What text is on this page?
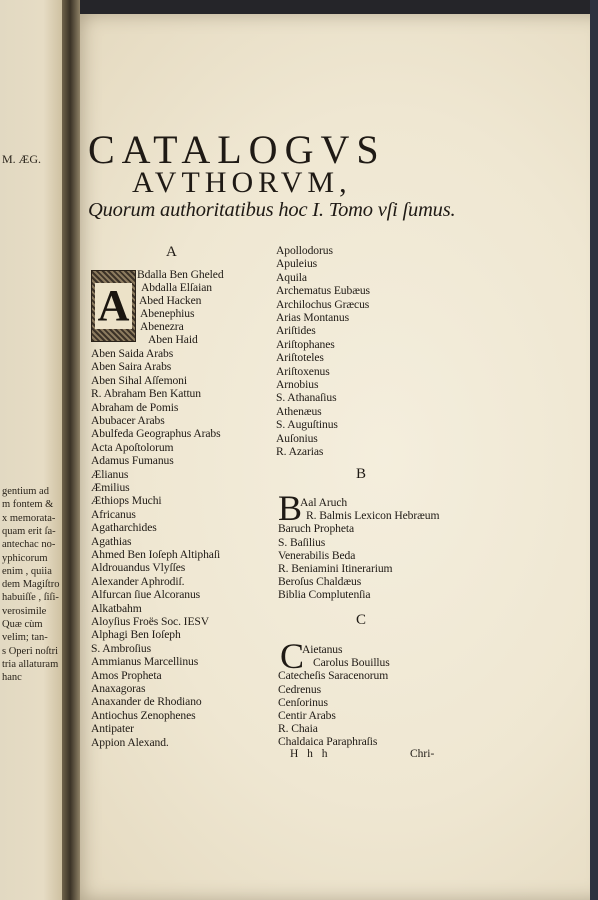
M. ÆG.
gentium ad
m fontem &
x memorata-
quam erit ſa-
antechac no-
yphicorum
enim , quiia
dem Magiſtro
habuiſſe , ſiſi-
verosimile
Quæ cùm
velim; tan-
s Operi noſtri
tria allaturam
hanc
CATALOGVS
AVTHORVM,
Quorum authoritatibus hoc I. Tomo vſi ſumus.
A
B
C
A
B
C
Bdalla Ben Gheled
Abdalla Elſaian
Abed Hacken
Abenephius
Abenezra
Aben Haid
Aben Saida Arabs
Aben Saira Arabs
Aben Sihal Aſſemoni
R. Abraham Ben Kattun
Abraham de Pomis
Abubacer Arabs
Abulfeda Geographus Arabs
Acta Apoſtolorum
Adamus Fumanus
Ælianus
Æmilius
Æthiops Muchi
Africanus
Agatharchides
Agathias
Ahmed Ben Ioſeph Altiphaſi
Aldrouandus Vlyſſes
Alexander Aphrodiſ.
Alfurcan ſiue Alcoranus
Alkatbahm
Aloyſius Froës Soc. IESV
Alphagi Ben Ioſeph
S. Ambroſius
Ammianus Marcellinus
Amos Propheta
Anaxagoras
Anaxander de Rhodiano
Antiochus Zenophenes
Antipater
Appion Alexand.
Apollodorus
Apuleius
Aquila
Archematus Eubæus
Archilochus Græcus
Arias Montanus
Ariſtides
Ariſtophanes
Ariſtoteles
Ariſtoxenus
Arnobius
S. Athanaſius
Athenæus
S. Auguſtinus
Auſonius
R. Azarias
Aal Aruch
R. Balmis Lexicon Hebræum
Baruch Propheta
S. Baſilius
Venerabilis Beda
R. Beniamini Itinerarium
Beroſus Chaldæus
Biblia Complutenſia
Aietanus
Carolus Bouillus
Catecheſis Saracenorum
Cedrenus
Cenſorinus
Centir Arabs
R. Chaia
Chaldaica Paraphraſis
H h h	Chri-
